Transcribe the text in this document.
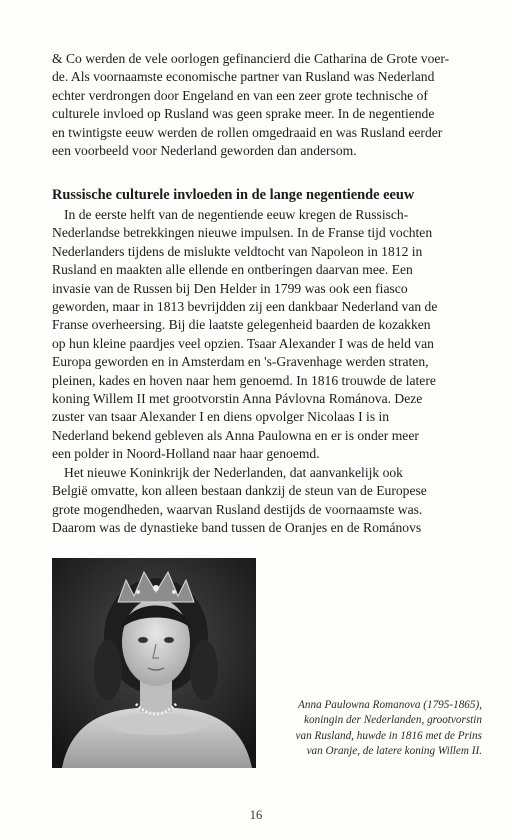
& Co werden de vele oorlogen gefinancierd die Catharina de Grote voer-
de. Als voornaamste economische partner van Rusland was Nederland
echter verdrongen door Engeland en van een zeer grote technische of
culturele invloed op Rusland was geen sprake meer. In de negentiende
en twintigste eeuw werden de rollen omgedraaid en was Rusland eerder
een voorbeeld voor Nederland geworden dan andersom.
Russische culturele invloeden in de lange negentiende eeuw
In de eerste helft van de negentiende eeuw kregen de Russisch-
Nederlandse betrekkingen nieuwe impulsen. In de Franse tijd vochten
Nederlanders tijdens de mislukte veldtocht van Napoleon in 1812 in
Rusland en maakten alle ellende en ontberingen daarvan mee. Een
invasie van de Russen bij Den Helder in 1799 was ook een fiasco
geworden, maar in 1813 bevrijdden zij een dankbaar Nederland van de
Franse overheersing. Bij die laatste gelegenheid baarden de kozakken
op hun kleine paardjes veel opzien. Tsaar Alexander I was de held van
Europa geworden en in Amsterdam en 's-Gravenhage werden straten,
pleinen, kades en hoven naar hem genoemd. In 1816 trouwde de latere
koning Willem II met grootvorstin Anna Pávlovna Románova. Deze
zuster van tsaar Alexander I en diens opvolger Nicolaas I is in
Nederland bekend gebleven als Anna Paulowna en er is onder meer
een polder in Noord-Holland naar haar genoemd.
Het nieuwe Koninkrijk der Nederlanden, dat aanvankelijk ook
België omvatte, kon alleen bestaan dankzij de steun van de Europese
grote mogendheden, waarvan Rusland destijds de voornaamste was.
Daarom was de dynastieke band tussen de Oranjes en de Románovs
Anna Paulowna Romanova (1795-1865),
koningin der Nederlanden, grootvorstin
van Rusland, huwde in 1816 met de Prins
van Oranje, de latere koning Willem II.
16
